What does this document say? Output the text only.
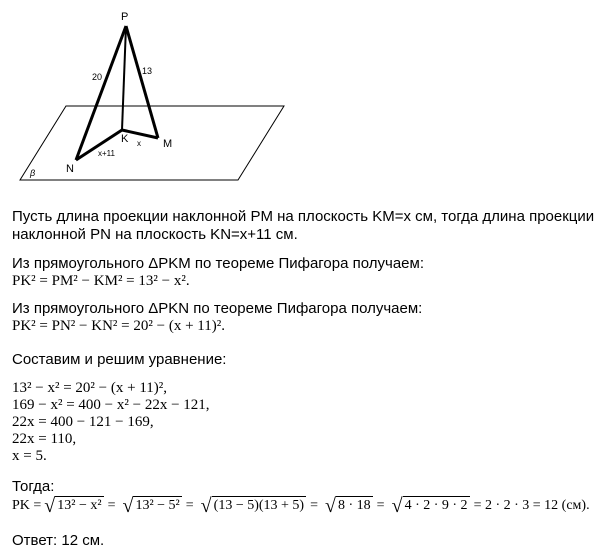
P
K	M
N
20
13
x+11
x
β
Пусть длина проекции наклонной PM на плоскость KM=x см, тогда длина проекции
наклонной PN на плоскость KN=x+11 см.
Из прямоугольного ΔPKM по теореме Пифагора получаем:
PK² = PM² − KM² = 13² − x².
Из прямоугольного ΔPKN по теореме Пифагора получаем:
PK² = PN² − KN² = 20² − (x + 11)².
Составим и решим уравнение:
13² − x² = 20² − (x + 11)²,
169 − x² = 400 − x² − 22x − 121,
22x = 400 − 121 − 169,
22x = 110,
x = 5.
Тогда:
PK = √ 13² − x² = √ 13² − 5² = √ (13 − 5)(13 + 5) = √ 8 · 18 = √ 4 · 2 · 9 · 2 = 2 · 2 · 3 = 12 (см).
Ответ: 12 см.
